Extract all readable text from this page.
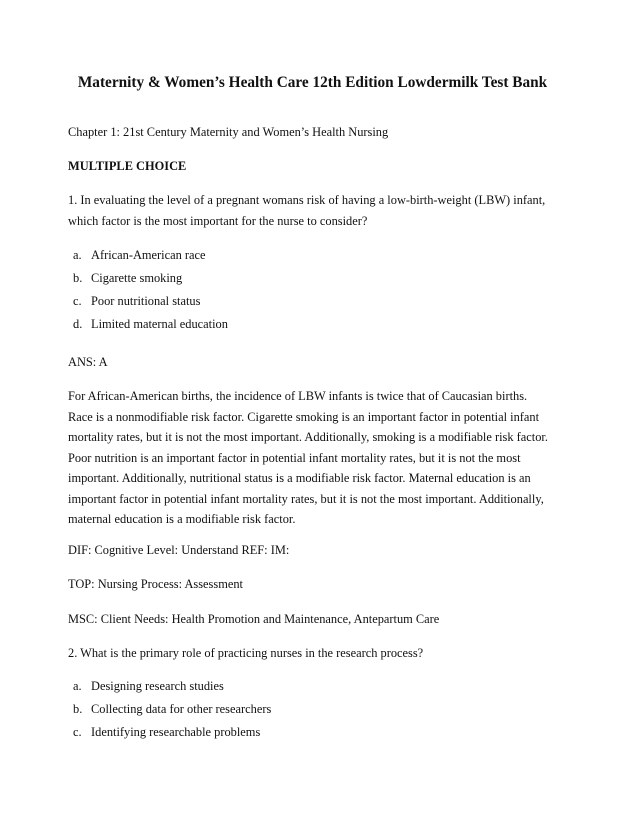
Maternity & Women’s Health Care 12th Edition Lowdermilk Test Bank

Chapter 1: 21st Century Maternity and Women’s Health Nursing

MULTIPLE CHOICE

1. In evaluating the level of a pregnant womans risk of having a low-birth-weight (LBW) infant,
which factor is the most important for the nurse to consider?

a. African-American race
b. Cigarette smoking
c. Poor nutritional status
d. Limited maternal education

ANS: A

For African-American births, the incidence of LBW infants is twice that of Caucasian births.
Race is a nonmodifiable risk factor. Cigarette smoking is an important factor in potential infant
mortality rates, but it is not the most important. Additionally, smoking is a modifiable risk factor.
Poor nutrition is an important factor in potential infant mortality rates, but it is not the most
important. Additionally, nutritional status is a modifiable risk factor. Maternal education is an
important factor in potential infant mortality rates, but it is not the most important. Additionally,
maternal education is a modifiable risk factor.

DIF: Cognitive Level: Understand REF: IM:

TOP: Nursing Process: Assessment

MSC: Client Needs: Health Promotion and Maintenance, Antepartum Care

2. What is the primary role of practicing nurses in the research process?

a. Designing research studies
b. Collecting data for other researchers
c. Identifying researchable problems
